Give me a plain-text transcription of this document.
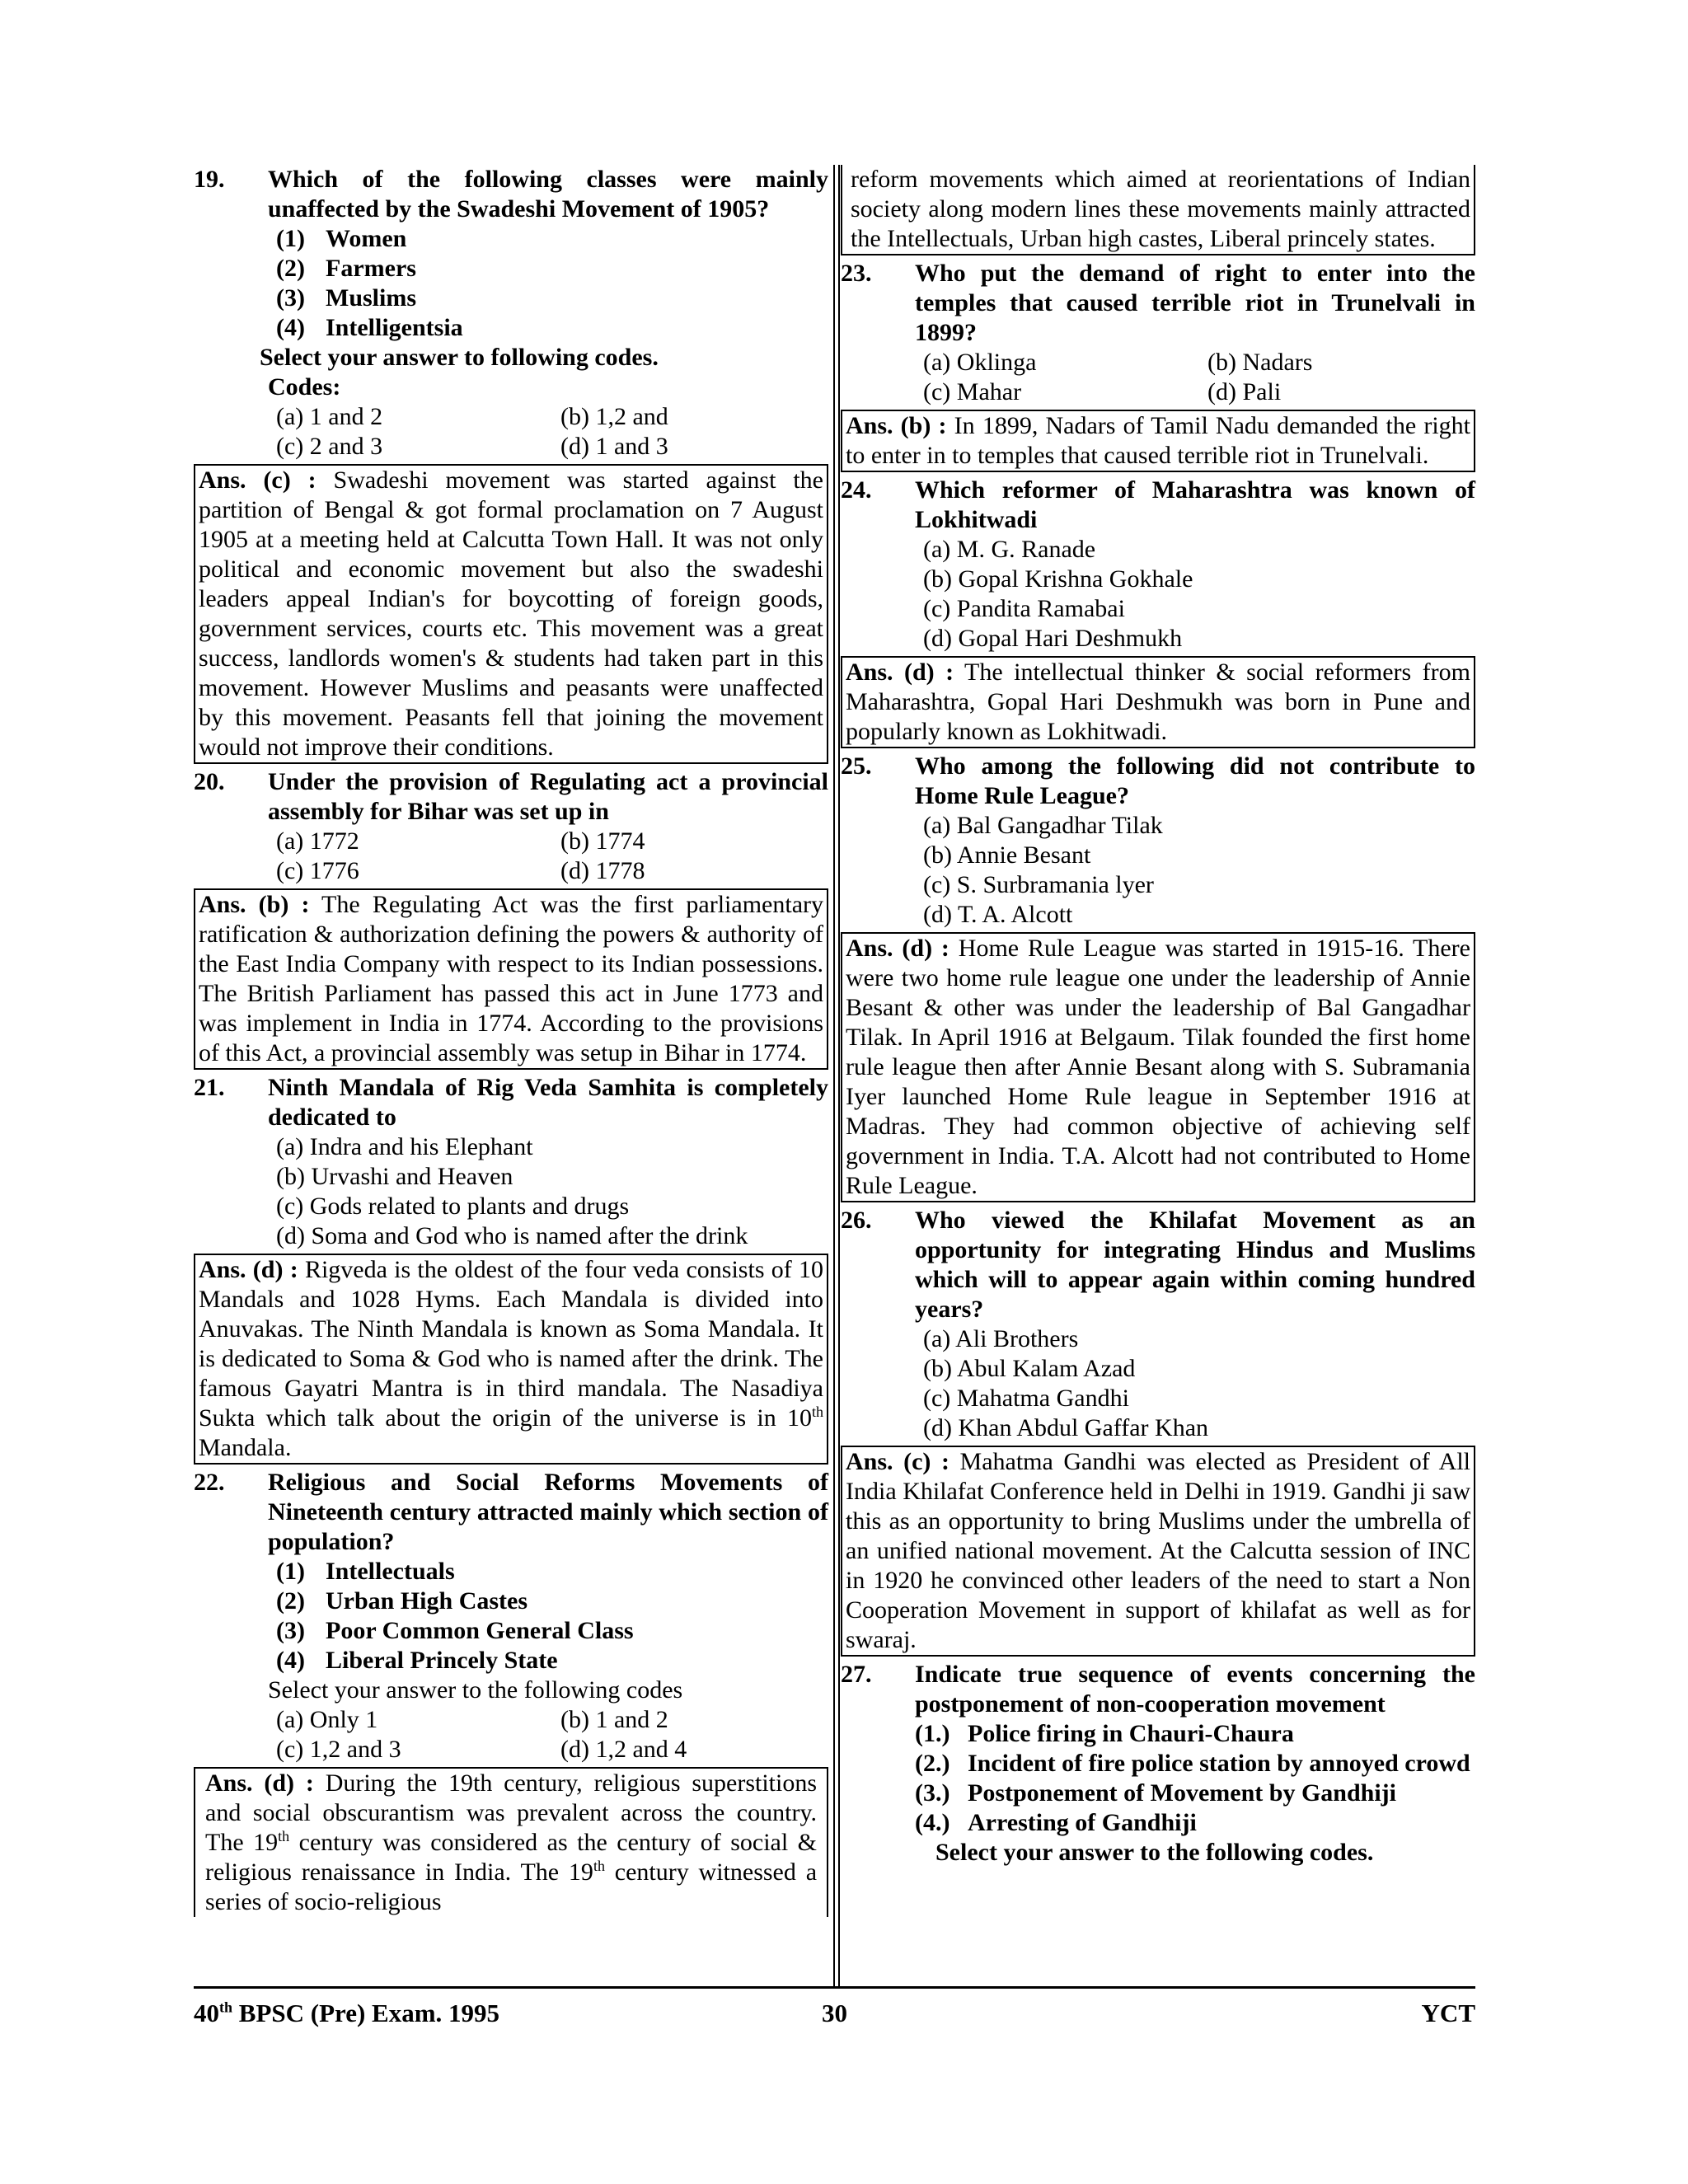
19.	Which of the following classes were mainly unaffected by the Swadeshi Movement of 1905?
(1) Women
(2) Farmers
(3) Muslims
(4) Intelligentsia
Select your answer to following codes.
Codes:
(a) 1 and 2	(b) 1,2 and
(c) 2 and 3	(d) 1 and 3
Ans. (c) : Swadeshi movement was started against the partition of Bengal & got formal proclamation on 7 August 1905 at a meeting held at Calcutta Town Hall. It was not only political and economic movement but also the swadeshi leaders appeal Indian's for boycotting of foreign goods, government services, courts etc. This movement was a great success, landlords women's & students had taken part in this movement. However Muslims and peasants were unaffected by this movement. Peasants fell that joining the movement would not improve their conditions.
20.	Under the provision of Regulating act a provincial assembly for Bihar was set up in
(a) 1772	(b) 1774
(c) 1776	(d) 1778
Ans. (b) : The Regulating Act was the first parliamentary ratification & authorization defining the powers & authority of the East India Company with respect to its Indian possessions. The British Parliament has passed this act in June 1773 and was implement in India in 1774. According to the provisions of this Act, a provincial assembly was setup in Bihar in 1774.
21.	Ninth Mandala of Rig Veda Samhita is completely dedicated to
(a) Indra and his Elephant
(b) Urvashi and Heaven
(c) Gods related to plants and drugs
(d) Soma and God who is named after the drink
Ans. (d) : Rigveda is the oldest of the four veda consists of 10 Mandals and 1028 Hyms. Each Mandala is divided into Anuvakas. The Ninth Mandala is known as Soma Mandala. It is dedicated to Soma & God who is named after the drink. The famous Gayatri Mantra is in third mandala. The Nasadiya Sukta which talk about the origin of the universe is in 10th Mandala.
22.	Religious and Social Reforms Movements of Nineteenth century attracted mainly which section of population?
(1) Intellectuals
(2) Urban High Castes
(3) Poor Common General Class
(4) Liberal Princely State
Select your answer to the following codes
(a) Only 1	(b) 1 and 2
(c) 1,2 and 3	(d) 1,2 and 4
Ans. (d) : During the 19th century, religious superstitions and social obscurantism was prevalent across the country. The 19th century was considered as the century of social & religious renaissance in India. The 19th century witnessed a series of socio-religious
reform movements which aimed at reorientations of Indian society along modern lines these movements mainly attracted the Intellectuals, Urban high castes, Liberal princely states.
23.	Who put the demand of right to enter into the temples that caused terrible riot in Trunelvali in 1899?
(a) Oklinga	(b) Nadars
(c) Mahar	(d) Pali
Ans. (b) : In 1899, Nadars of Tamil Nadu demanded the right to enter in to temples that caused terrible riot in Trunelvali.
24.	Which reformer of Maharashtra was known of Lokhitwadi
(a) M. G. Ranade
(b) Gopal Krishna Gokhale
(c) Pandita Ramabai
(d) Gopal Hari Deshmukh
Ans. (d) : The intellectual thinker & social reformers from Maharashtra, Gopal Hari Deshmukh was born in Pune and popularly known as Lokhitwadi.
25.	Who among the following did not contribute to Home Rule League?
(a) Bal Gangadhar Tilak
(b) Annie Besant
(c) S. Surbramania lyer
(d) T. A. Alcott
Ans. (d) : Home Rule League was started in 1915-16. There were two home rule league one under the leadership of Annie Besant & other was under the leadership of Bal Gangadhar Tilak. In April 1916 at Belgaum. Tilak founded the first home rule league then after Annie Besant along with S. Subramania Iyer launched Home Rule league in September 1916 at Madras. They had common objective of achieving self government in India. T.A. Alcott had not contributed to Home Rule League.
26.	Who viewed the Khilafat Movement as an opportunity for integrating Hindus and Muslims which will to appear again within coming hundred years?
(a) Ali Brothers
(b) Abul Kalam Azad
(c) Mahatma Gandhi
(d) Khan Abdul Gaffar Khan
Ans. (c) : Mahatma Gandhi was elected as President of All India Khilafat Conference held in Delhi in 1919. Gandhi ji saw this as an opportunity to bring Muslims under the umbrella of an unified national movement. At the Calcutta session of INC in 1920 he convinced other leaders of the need to start a Non Cooperation Movement in support of khilafat as well as for swaraj.
27.	Indicate true sequence of events concerning the postponement of non-cooperation movement
(1.) Police firing in Chauri-Chaura
(2.) Incident of fire police station by annoyed crowd
(3.) Postponement of Movement by Gandhiji
(4.) Arresting of Gandhiji
Select your answer to the following codes.
40th BPSC (Pre) Exam. 1995	30	YCT
